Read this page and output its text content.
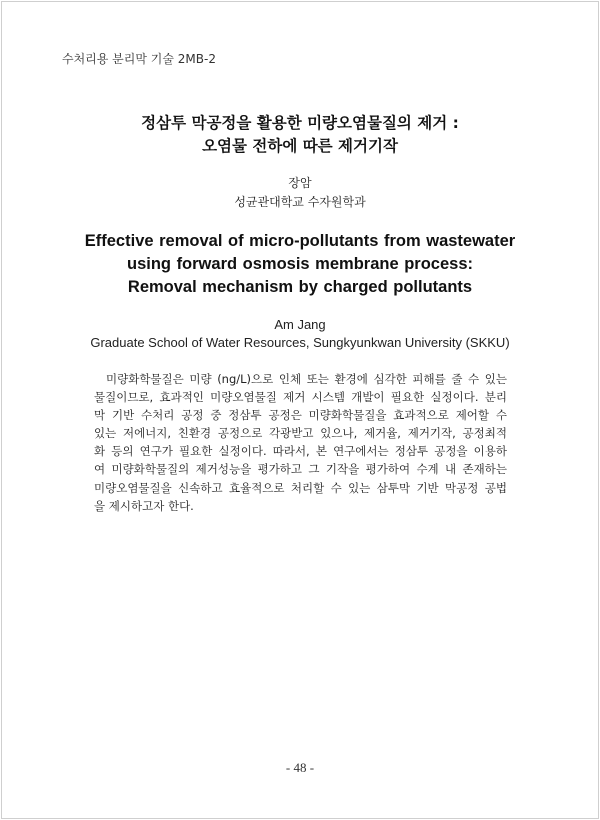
수처리용 분리막 기술 2MB-2
정삼투 막공정을 활용한 미량오염물질의 제거 :
오염물 전하에 따른 제거기작
장암
성균관대학교 수자원학과
Effective removal of micro-pollutants from wastewater
using forward osmosis membrane process:
Removal mechanism by charged pollutants
Am Jang
Graduate School of Water Resources, Sungkyunkwan University (SKKU)
미량화학물질은 미량 (ng/L)으로 인체 또는 환경에 심각한 피해를 줄 수 있는
물질이므로, 효과적인 미량오염물질 제거 시스템 개발이 필요한 실정이다. 분리
막 기반 수처리 공정 중 정삼투 공정은 미량화학물질을 효과적으로 제어할 수
있는 저에너지, 친환경 공정으로 각광받고 있으나, 제거율, 제거기작, 공정최적
화 등의 연구가 필요한 실정이다. 따라서, 본 연구에서는 정삼투 공정을 이용하
여 미량화학물질의 제거성능을 평가하고 그 기작을 평가하여 수계 내 존재하는
미량오염물질을 신속하고 효율적으로 처리할 수 있는 삼투막 기반 막공정 공법
을 제시하고자 한다.
- 48 -
